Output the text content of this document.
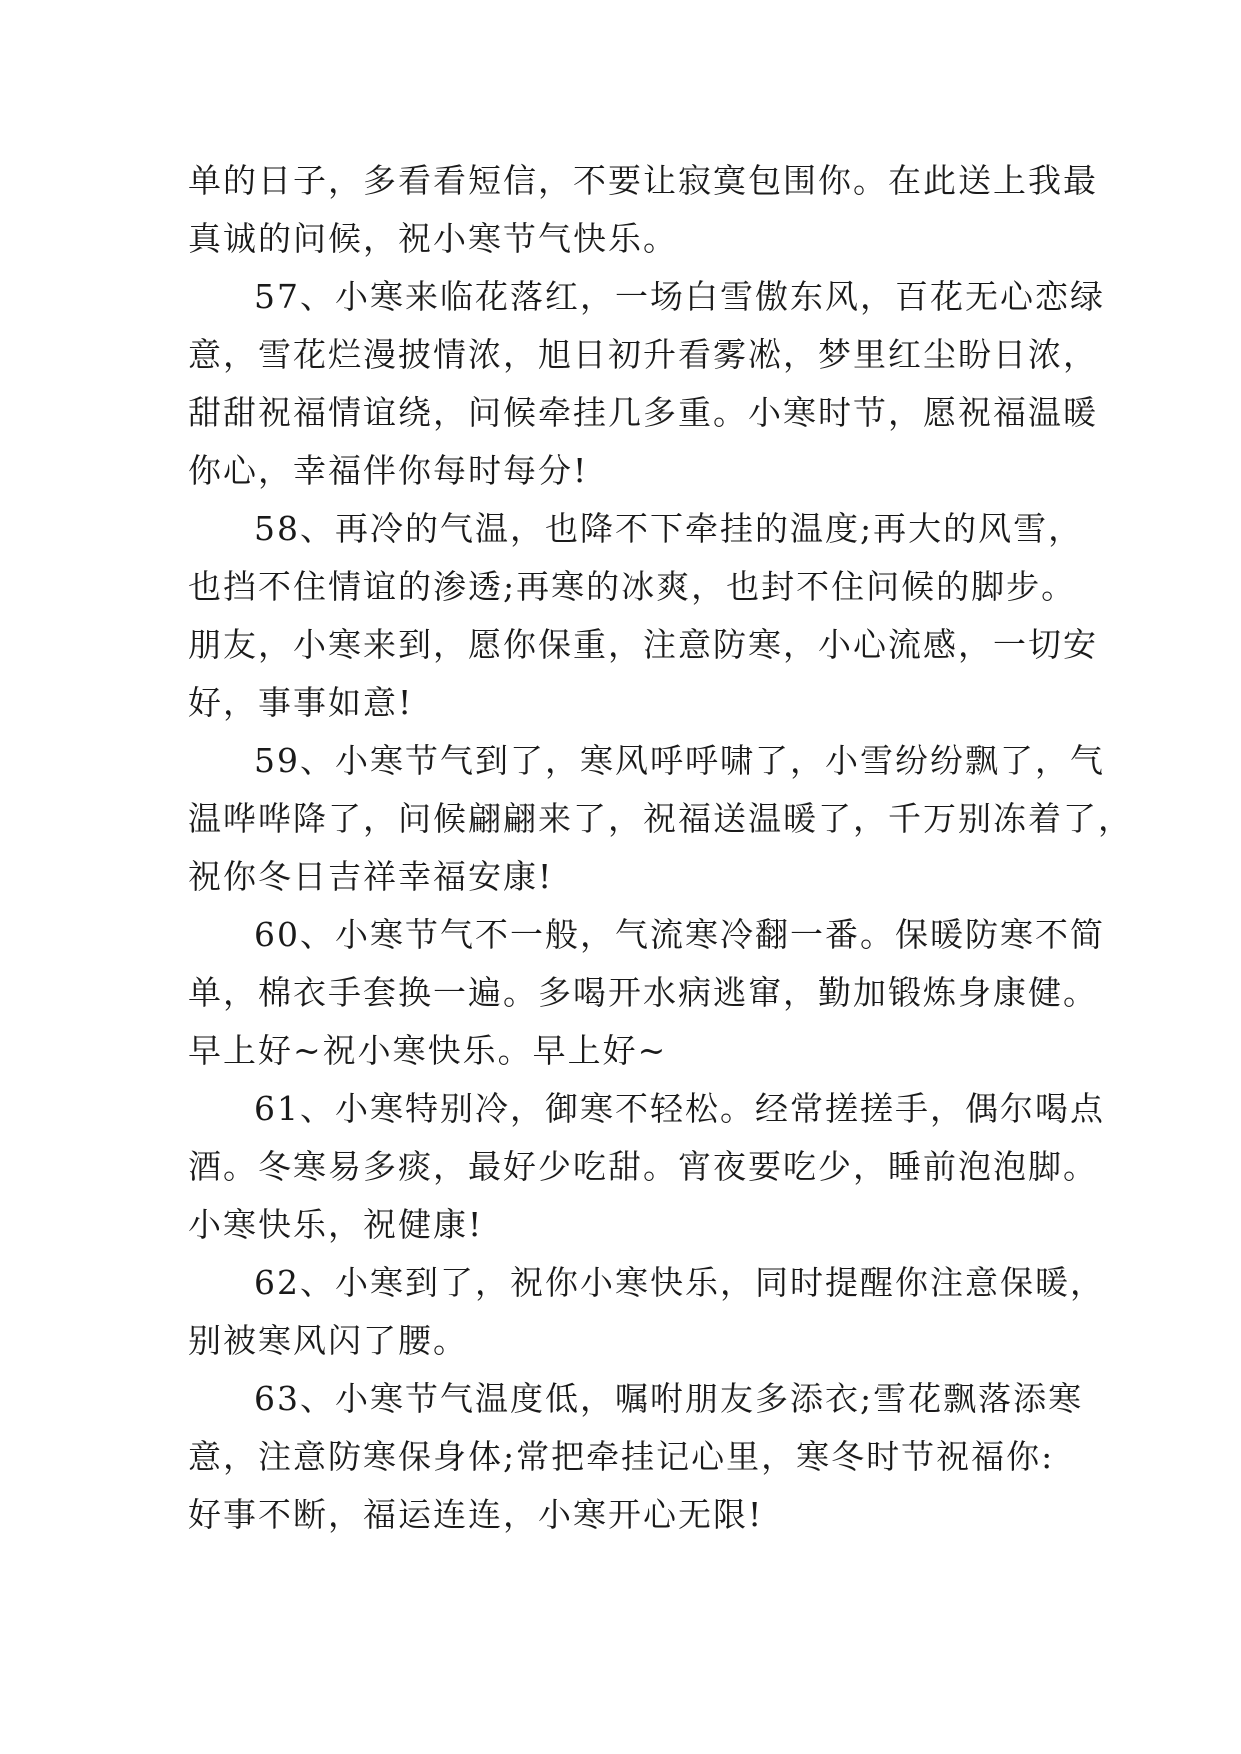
单的日子，多看看短信，不要让寂寞包围你。在此送上我最
真诚的问候，祝小寒节气快乐。
57、小寒来临花落红，一场白雪傲东风，百花无心恋绿
意，雪花烂漫披情浓，旭日初升看雾凇，梦里红尘盼日浓，
甜甜祝福情谊绕，问候牵挂几多重。小寒时节，愿祝福温暖
你心，幸福伴你每时每分!
58、再冷的气温，也降不下牵挂的温度;再大的风雪，
也挡不住情谊的渗透;再寒的冰爽，也封不住问候的脚步。
朋友，小寒来到，愿你保重，注意防寒，小心流感，一切安
好，事事如意!
59、小寒节气到了，寒风呼呼啸了，小雪纷纷飘了，气
温哗哗降了，问候翩翩来了，祝福送温暖了，千万别冻着了，
祝你冬日吉祥幸福安康!
60、小寒节气不一般，气流寒冷翻一番。保暖防寒不简
单，棉衣手套换一遍。多喝开水病逃窜，勤加锻炼身康健。
早上好~祝小寒快乐。早上好~
61、小寒特别冷，御寒不轻松。经常搓搓手，偶尔喝点
酒。冬寒易多痰，最好少吃甜。宵夜要吃少，睡前泡泡脚。
小寒快乐，祝健康!
62、小寒到了，祝你小寒快乐，同时提醒你注意保暖，
别被寒风闪了腰。
63、小寒节气温度低，嘱咐朋友多添衣;雪花飘落添寒
意，注意防寒保身体;常把牵挂记心里，寒冬时节祝福你:
好事不断，福运连连，小寒开心无限!
